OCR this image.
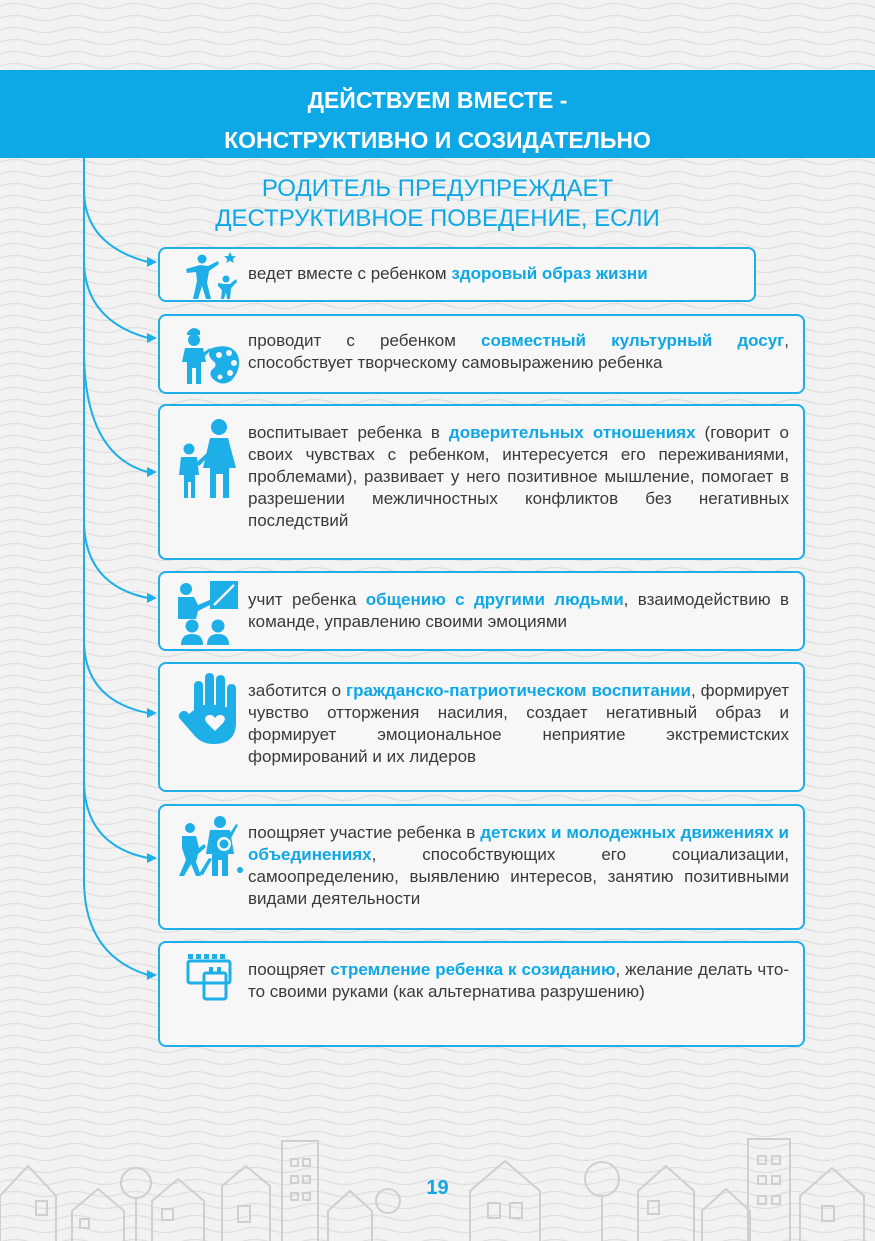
ДЕЙСТВУЕМ ВМЕСТЕ -
КОНСТРУКТИВНО И СОЗИДАТЕЛЬНО
РОДИТЕЛЬ ПРЕДУПРЕЖДАЕТ
ДЕСТРУКТИВНОЕ ПОВЕДЕНИЕ, ЕСЛИ
ведет вместе с ребенком здоровый образ жизни
проводит с ребенком совместный культурный досуг, способствует творческому самовыражению ребенка
воспитывает ребенка в доверительных отношениях (говорит о своих чувствах с ребенком, интересуется его переживаниями, проблемами), развивает у него позитивное мышление, помогает в разрешении межличностных конфликтов без негативных последствий
учит ребенка общению с другими людьми, взаимодействию в команде, управлению своими эмоциями
заботится о гражданско-патриотическом воспитании, формирует чувство отторжения насилия, создает негативный образ и формирует эмоциональное неприятие экстремистских формирований и их лидеров
поощряет участие ребенка в детских и молодежных движениях и объединениях, способствующих его социализации, самоопределению, выявлению интересов, занятию позитивными видами деятельности
поощряет стремление ребенка к созиданию, желание делать что-то своими руками (как альтернатива разрушению)
19
